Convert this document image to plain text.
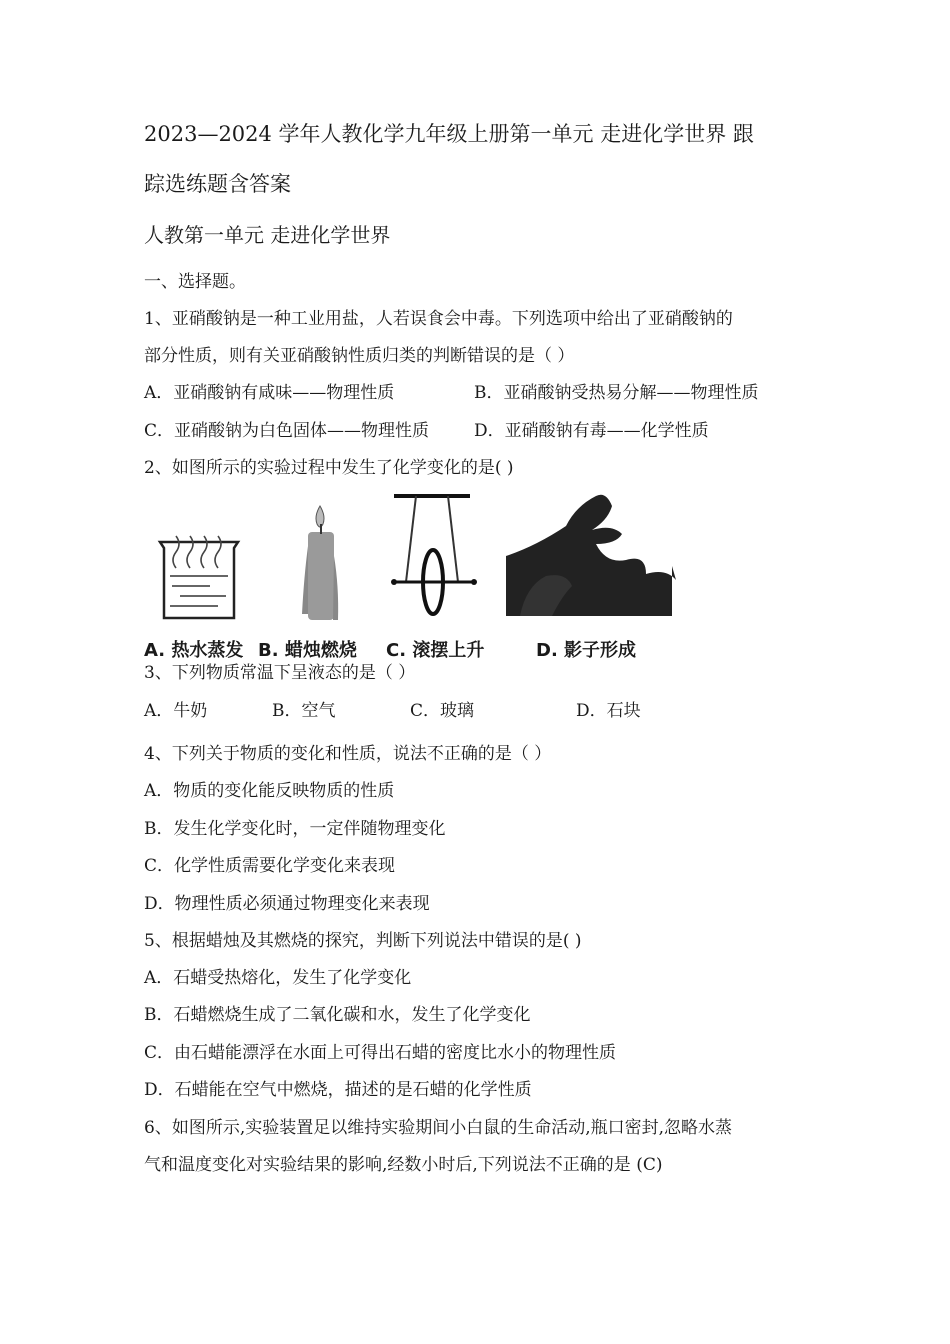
2023—2024 学年人教化学九年级上册第一单元 走进化学世界 跟
踪选练题含答案
人教第一单元 走进化学世界
一、选择题。
1、亚硝酸钠是一种工业用盐，人若误食会中毒。下列选项中给出了亚硝酸钠的
部分性质，则有关亚硝酸钠性质归类的判断错误的是（ ）
A．亚硝酸钠有咸味——物理性质	B．亚硝酸钠受热易分解——物理性质
C．亚硝酸钠为白色固体——物理性质	D．亚硝酸钠有毒——化学性质
2、如图所示的实验过程中发生了化学变化的是( )
A. 热水蒸发 B. 蜡烛燃烧 C. 滚摆上升	D. 影子形成
3、下列物质常温下呈液态的是（ ）
A．牛奶	B．空气	C．玻璃	D．石块
4、下列关于物质的变化和性质，说法不正确的是（ ）
A．物质的变化能反映物质的性质
B．发生化学变化时，一定伴随物理变化
C．化学性质需要化学变化来表现
D．物理性质必须通过物理变化来表现
5、根据蜡烛及其燃烧的探究，判断下列说法中错误的是( )
A．石蜡受热熔化，发生了化学变化
B．石蜡燃烧生成了二氧化碳和水，发生了化学变化
C．由石蜡能漂浮在水面上可得出石蜡的密度比水小的物理性质
D．石蜡能在空气中燃烧，描述的是石蜡的化学性质
6、如图所示,实验装置足以维持实验期间小白鼠的生命活动,瓶口密封,忽略水蒸
气和温度变化对实验结果的影响,经数小时后,下列说法不正确的是 (C)
